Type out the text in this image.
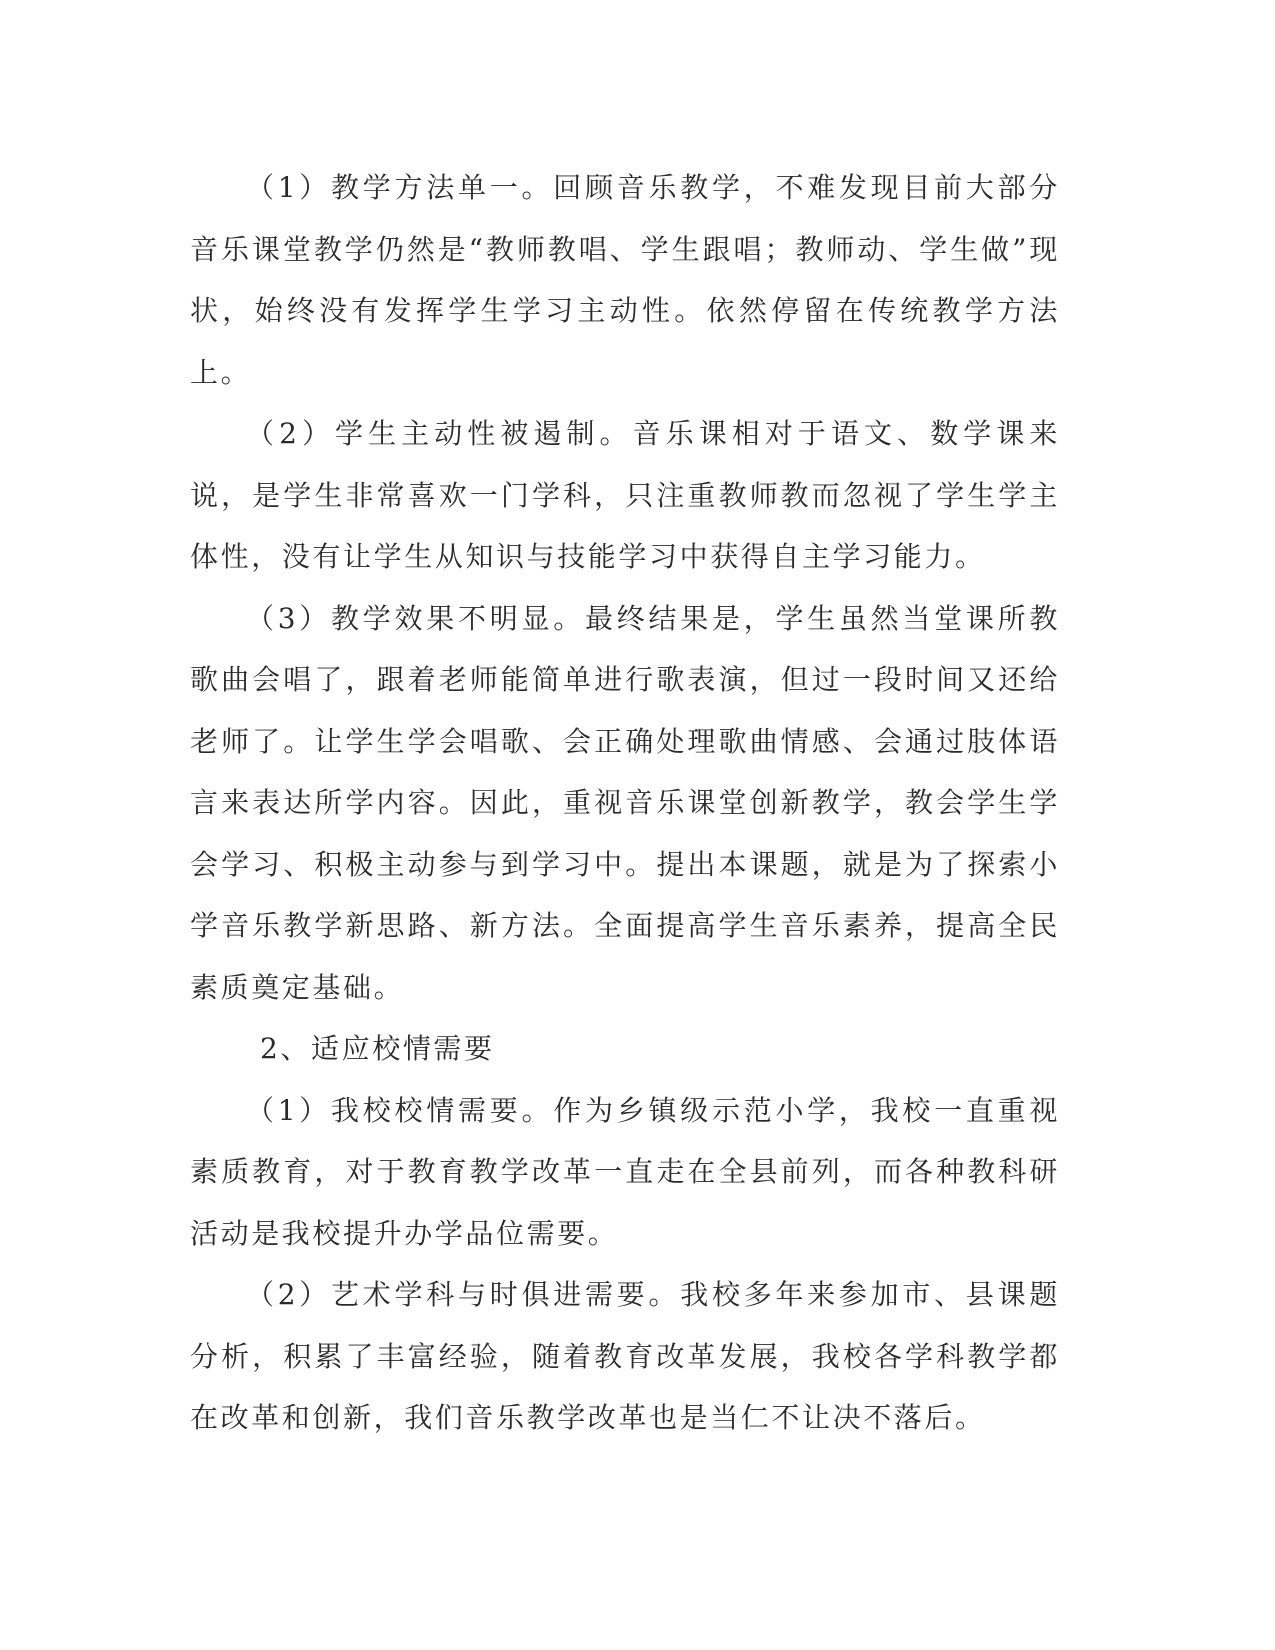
（1）教学方法单一。回顾音乐教学，不难发现目前大部分音乐课堂教学仍然是“教师教唱、学生跟唱；教师动、学生做”现状，始终没有发挥学生学习主动性。依然停留在传统教学方法上。

（2）学生主动性被遏制。音乐课相对于语文、数学课来说，是学生非常喜欢一门学科，只注重教师教而忽视了学生学主体性，没有让学生从知识与技能学习中获得自主学习能力。

（3）教学效果不明显。最终结果是，学生虽然当堂课所教歌曲会唱了，跟着老师能简单进行歌表演，但过一段时间又还给老师了。让学生学会唱歌、会正确处理歌曲情感、会通过肢体语言来表达所学内容。因此，重视音乐课堂创新教学，教会学生学会学习、积极主动参与到学习中。提出本课题，就是为了探索小学音乐教学新思路、新方法。全面提高学生音乐素养，提高全民素质奠定基础。

2、适应校情需要

（1）我校校情需要。作为乡镇级示范小学，我校一直重视素质教育，对于教育教学改革一直走在全县前列，而各种教科研活动是我校提升办学品位需要。

（2）艺术学科与时俱进需要。我校多年来参加市、县课题分析，积累了丰富经验，随着教育改革发展，我校各学科教学都在改革和创新，我们音乐教学改革也是当仁不让决不落后。
